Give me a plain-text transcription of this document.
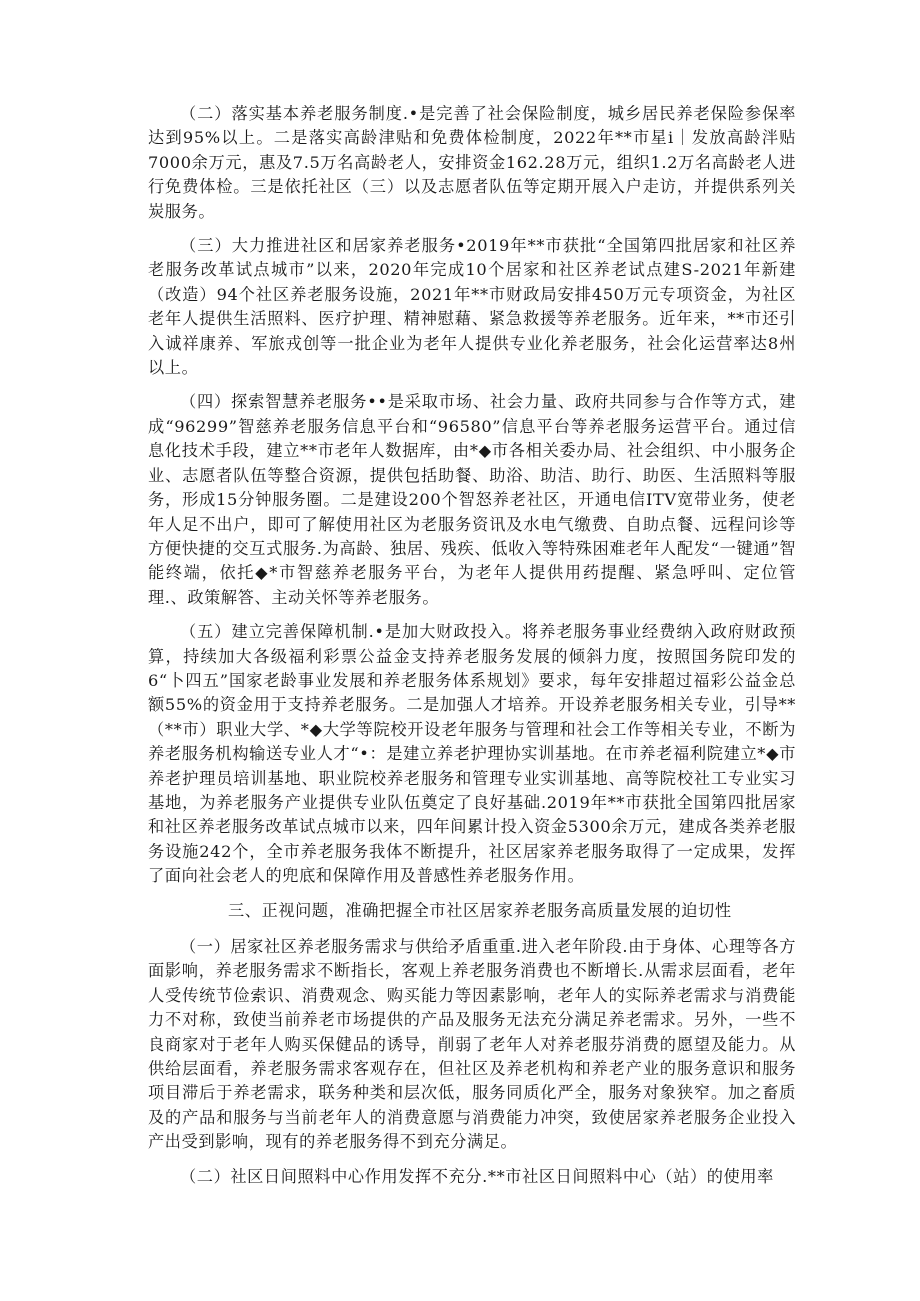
（二）落实基本养老服务制度.•是完善了社会保险制度，城乡居民养老保险参保率达到95%以上。二是落实高龄津贴和免费体检制度，2022年**市星i｜发放高龄泮贴7000余万元，惠及7.5万名高龄老人，安排资金162.28万元，组织1.2万名高龄老人进行免费体检。三是依托社区（三）以及志愿者队伍等定期开展入户走访，并提供系列关炭服务。

（三）大力推进社区和居家养老服务•2019年**市获批“全国第四批居家和社区养老服务改革试点城市”以来，2020年完成10个居家和社区养老试点建S-2021年新建（改造）94个社区养老服务设施，2021年**市财政局安排450万元专项资金，为社区老年人提供生活照料、医疗护理、精神慰藉、紧急救援等养老服务。近年来，**市还引入诚祥康养、军旅戎创等一批企业为老年人提供专业化养老服务，社会化运营率达8州以上。

（四）探索智慧养老服务••是采取市场、社会力量、政府共同参与合作等方式，建成“96299”智慈养老服务信息平台和“96580”信息平台等养老服务运营平台。通过信息化技术手段，建立**市老年人数据库，由*◆市各相关委办局、社会组织、中小服务企业、志愿者队伍等整合资源，提供包括助餐、助浴、助洁、助行、助医、生活照料等服务，形成15分钟服务圈。二是建设200个智怒养老社区，开通电信ITV宽带业务，使老年人足不出户，即可了解使用社区为老服务资讯及水电气缴费、自助点餐、远程问诊等方便快捷的交互式服务.为高龄、独居、残疾、低收入等特殊困难老年人配发“一键通”智能终端，依托◆*市智慈养老服务平台，为老年人提供用药提醒、紧急呼叫、定位管理.、政策解答、主动关怀等养老服务。

（五）建立完善保障机制.•是加大财政投入。将养老服务事业经费纳入政府财政预算，持续加大各级福利彩票公益金支持养老服务发展的倾斜力度，按照国务院印发的6“卜四五”国家老龄事业发展和养老服务体系规划》要求，每年安排超过福彩公益金总额55%的资金用于支持养老服务。二是加强人才培养。开设养老服务相关专业，引导**（**市）职业大学、*◆大学等院校开设老年服务与管理和社会工作等相关专业，不断为养老服务机构输送专业人才“•：是建立养老护理协实训基地。在市养老福利院建立*◆市养老护理员培训基地、职业院校养老服务和管理专业实训基地、高等院校社工专业实习基地，为养老服务产业提供专业队伍奠定了良好基础.2019年**市获批全国第四批居家和社区养老服务改革试点城市以来，四年间累计投入资金5300余万元，建成各类养老服务设施242个，全市养老服务我体不断提升，社区居家养老服务取得了一定成果，发挥了面向社会老人的兜底和保障作用及普感性养老服务作用。

三、正视问题，准确把握全市社区居家养老服务高质量发展的迫切性

（一）居家社区养老服务需求与供给矛盾重重.进入老年阶段.由于身体、心理等各方面影响，养老服务需求不断指长，客观上养老服务消费也不断增长.从需求层面看，老年人受传统节俭索识、消费观念、购买能力等因素影响，老年人的实际养老需求与消费能力不对称，致使当前养老市场提供的产品及服务无法充分满足养老需求。另外，一些不良商家对于老年人购买保健品的诱导，削弱了老年人对养老服芬消费的愿望及能力。从供给层面看，养老服务需求客观存在，但社区及养老机构和养老产业的服务意识和服务项目滞后于养老需求，联务种类和层次低，服务同质化严全，服务对象狭窄。加之畜质及的产品和服务与当前老年人的消费意愿与消费能力冲突，致使居家养老服务企业投入产出受到影响，现有的养老服务得不到充分满足。

（二）社区日间照料中心作用发挥不充分.**市社区日间照料中心（站）的使用率
